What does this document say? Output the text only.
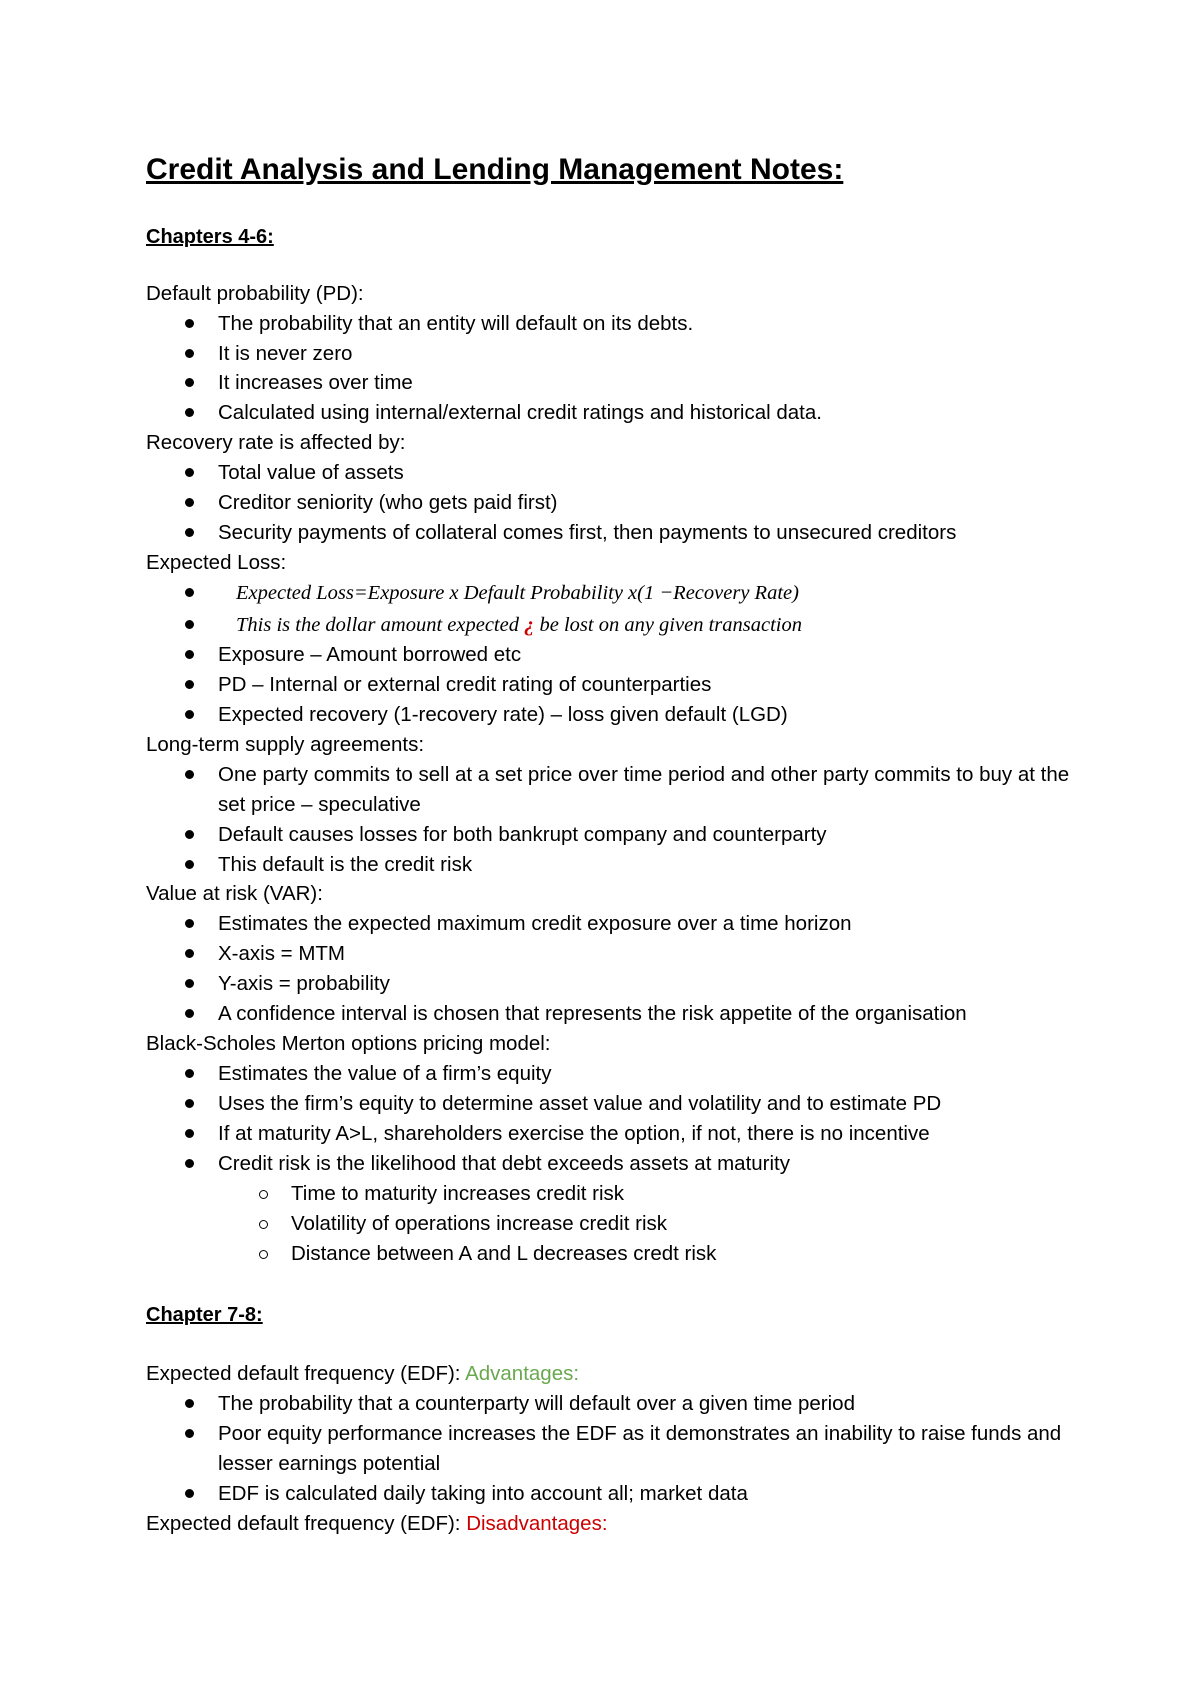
Credit Analysis and Lending Management Notes:
Chapters 4-6:
Default probability (PD):
The probability that an entity will default on its debts.
It is never zero
It increases over time
Calculated using internal/external credit ratings and historical data.
Recovery rate is affected by:
Total value of assets
Creditor seniority (who gets paid first)
Security payments of collateral comes first, then payments to unsecured creditors
Expected Loss:
Expected Loss=Exposure x Default Probability x(1 −Recovery Rate)
This is the dollar amount expected ¿ be lost on any given transaction
Exposure – Amount borrowed etc
PD – Internal or external credit rating of counterparties
Expected recovery (1-recovery rate) – loss given default (LGD)
Long-term supply agreements:
One party commits to sell at a set price over time period and other party commits to buy at the set price – speculative
Default causes losses for both bankrupt company and counterparty
This default is the credit risk
Value at risk (VAR):
Estimates the expected maximum credit exposure over a time horizon
X-axis = MTM
Y-axis = probability
A confidence interval is chosen that represents the risk appetite of the organisation
Black-Scholes Merton options pricing model:
Estimates the value of a firm’s equity
Uses the firm’s equity to determine asset value and volatility and to estimate PD
If at maturity A>L, shareholders exercise the option, if not, there is no incentive
Credit risk is the likelihood that debt exceeds assets at maturity
Time to maturity increases credit risk
Volatility of operations increase credit risk
Distance between A and L decreases credt risk
Chapter 7-8:
Expected default frequency (EDF): Advantages:
The probability that a counterparty will default over a given time period
Poor equity performance increases the EDF as it demonstrates an inability to raise funds and lesser earnings potential
EDF is calculated daily taking into account all; market data
Expected default frequency (EDF): Disadvantages:
